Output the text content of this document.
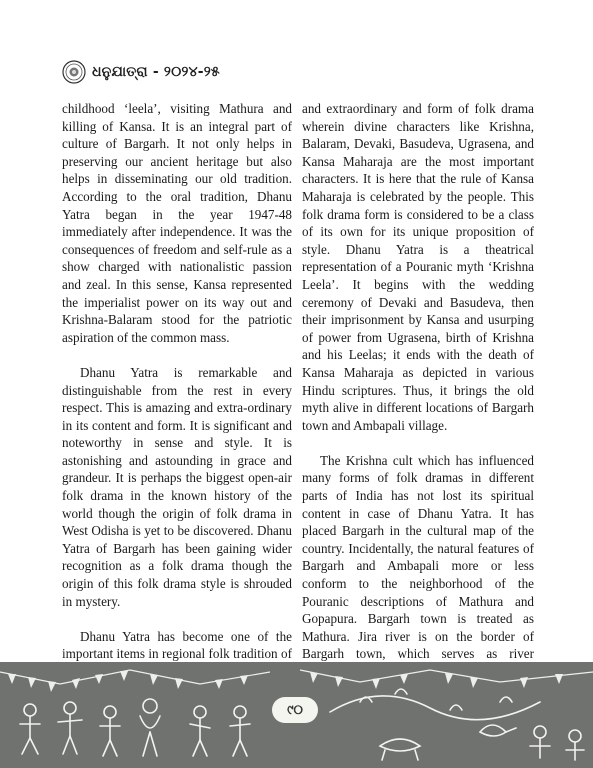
ଧନୁଯାତ୍ରା - ୨୦୨୪-୨୫

childhood ‘leela’, visiting Mathura and killing of Kansa. It is an integral part of culture of Bargarh. It not only helps in preserving our ancient heritage but also helps in disseminating our old tradition. According to the oral tradition, Dhanu Yatra began in the year 1947-48 immediately after independence. It was the consequences of freedom and self-rule as a show charged with nationalistic passion and zeal. In this sense, Kansa represented the imperialist power on its way out and Krishna-Balaram stood for the patriotic aspiration of the common mass.

Dhanu Yatra is remarkable and distinguishable from the rest in every respect. This is amazing and extra-ordinary in its content and form. It is significant and noteworthy in sense and style. It is astonishing and astounding in grace and grandeur. It is perhaps the biggest open-air folk drama in the known history of the world though the origin of folk drama in West Odisha is yet to be discovered. Dhanu Yatra of Bargarh has been gaining wider recognition as a folk drama though the origin of this folk drama style is shrouded in mystery.

Dhanu Yatra has become one of the important items in regional folk tradition of

and extraordinary and form of folk drama wherein divine characters like Krishna, Balaram, Devaki, Basudeva, Ugrasena, and Kansa Maharaja are the most important characters. It is here that the rule of Kansa Maharaja is celebrated by the people. This folk drama form is considered to be a class of its own for its unique proposition of style. Dhanu Yatra is a theatrical representation of a Pouranic myth ‘Krishna Leela’. It begins with the wedding ceremony of Devaki and Basudeva, then their imprisonment by Kansa and usurping of power from Ugrasena, birth of Krishna and his Leelas; it ends with the death of Kansa Maharaja as depicted in various Hindu scriptures. Thus, it brings the old myth alive in different locations of Bargarh town and Ambapali village.

The Krishna cult which has influenced many forms of folk dramas in different parts of India has not lost its spiritual content in case of Dhanu Yatra. It has placed Bargarh in the cultural map of the country. Incidentally, the natural features of Bargarh and Ambapali more or less conform to the neighborhood of the Pouranic descriptions of Mathura and Gopapura. Bargarh town is treated as Mathura. Jira river is on the border of Bargarh town, which serves as river

୯୦
